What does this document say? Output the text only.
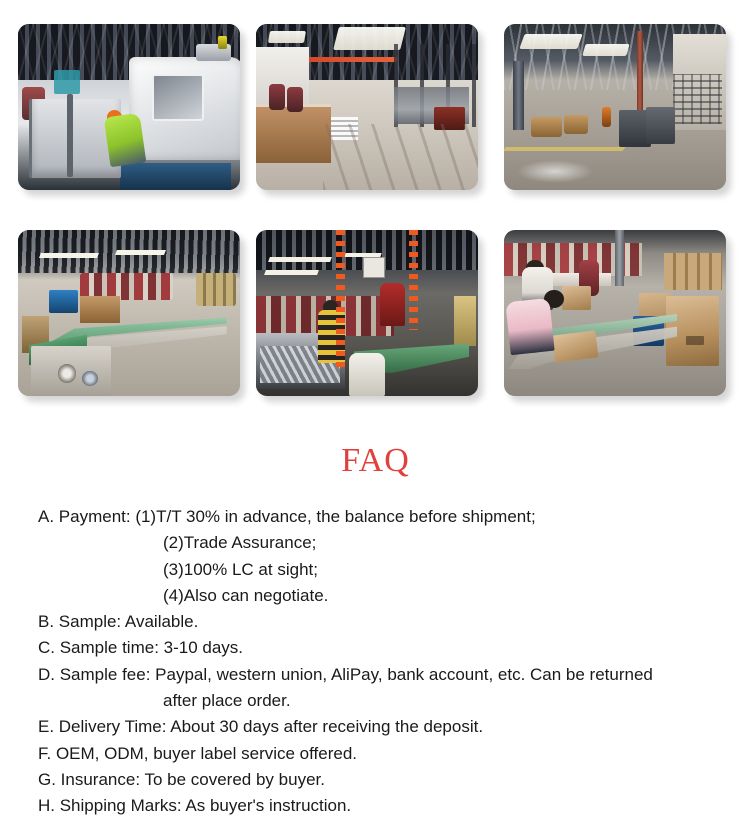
FAQ
A. Payment: (1)T/T 30% in advance, the balance before shipment;
(2)Trade Assurance;
(3)100% LC at sight;
(4)Also can negotiate.
B. Sample: Available.
C. Sample time: 3-10 days.
D. Sample fee: Paypal, western union, AliPay, bank account, etc. Can be returned
after place order.
E. Delivery Time: About 30 days after receiving the deposit.
F. OEM, ODM, buyer label service offered.
G. Insurance: To be covered by buyer.
H. Shipping Marks: As buyer's instruction.
